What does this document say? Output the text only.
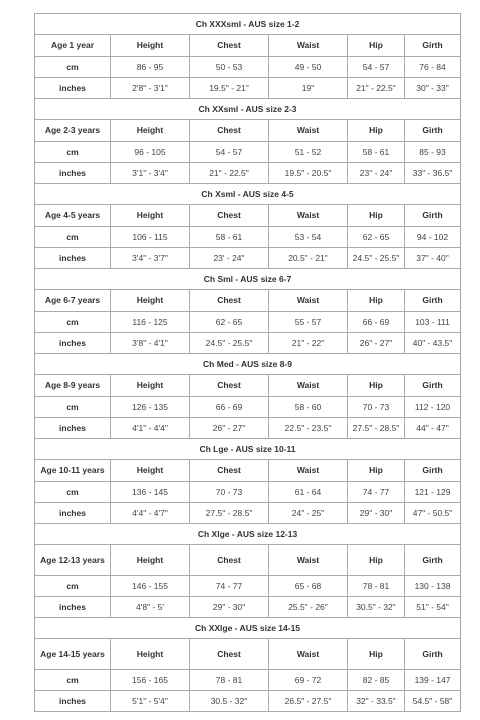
Ch XXXsml - AUS size 1-2					
Age 1 year	Height	Chest	Waist	Hip	Girth
cm	86 - 95	50 - 53	49 - 50	54 - 57	76 - 84
inches	2'8" - 3'1"	19.5" - 21"	19"	21" - 22.5"	30" - 33"
Ch XXsml - AUS size 2-3					
Age 2-3 years	Height	Chest	Waist	Hip	Girth
cm	96 - 105	54 - 57	51 - 52	58 - 61	85 - 93
inches	3'1" - 3'4"	21" - 22.5"	19.5" - 20.5"	23" - 24"	33" - 36.5"
Ch Xsml - AUS size 4-5					
Age 4-5 years	Height	Chest	Waist	Hip	Girth
cm	106 - 115	58 - 61	53 - 54	62 - 65	94 - 102
inches	3'4" - 3'7"	23' - 24"	20.5" - 21"	24.5" - 25.5"	37" - 40"
Ch Sml - AUS size 6-7					
Age 6-7 years	Height	Chest	Waist	Hip	Girth
cm	116 - 125	62 - 65	55 - 57	66 - 69	103 - 111
inches	3'8" - 4'1"	24.5" - 25.5"	21" - 22"	26" - 27"	40" - 43.5"
Ch Med - AUS size 8-9					
Age 8-9 years	Height	Chest	Waist	Hip	Girth
cm	126 - 135	66 - 69	58 - 60	70 - 73	112 - 120
inches	4'1" - 4'4"	26" - 27"	22.5" - 23.5"	27.5" - 28.5"	44" - 47"
Ch Lge - AUS size 10-11					
Age 10-11 years	Height	Chest	Waist	Hip	Girth
cm	136 - 145	70 - 73	61 - 64	74 - 77	121 - 129
inches	4'4" - 4'7"	27.5" - 28.5"	24" - 25"	29" - 30"	47" - 50.5"
Ch Xlge - AUS size 12-13					
Age 12-13 years	Height	Chest	Waist	Hip	Girth
cm	146 - 155	74 - 77	65 - 68	78 - 81	130 - 138
inches	4'8" - 5'	29" - 30"	25.5" - 26"	30.5" - 32"	51" - 54"
Ch XXlge - AUS size 14-15					
Age 14-15 years	Height	Chest	Waist	Hip	Girth
cm	156 - 165	78 - 81	69 - 72	82 - 85	139 - 147
inches	5'1" - 5'4"	30.5 - 32"	26.5" - 27.5"	32" - 33.5"	54.5" - 58"
